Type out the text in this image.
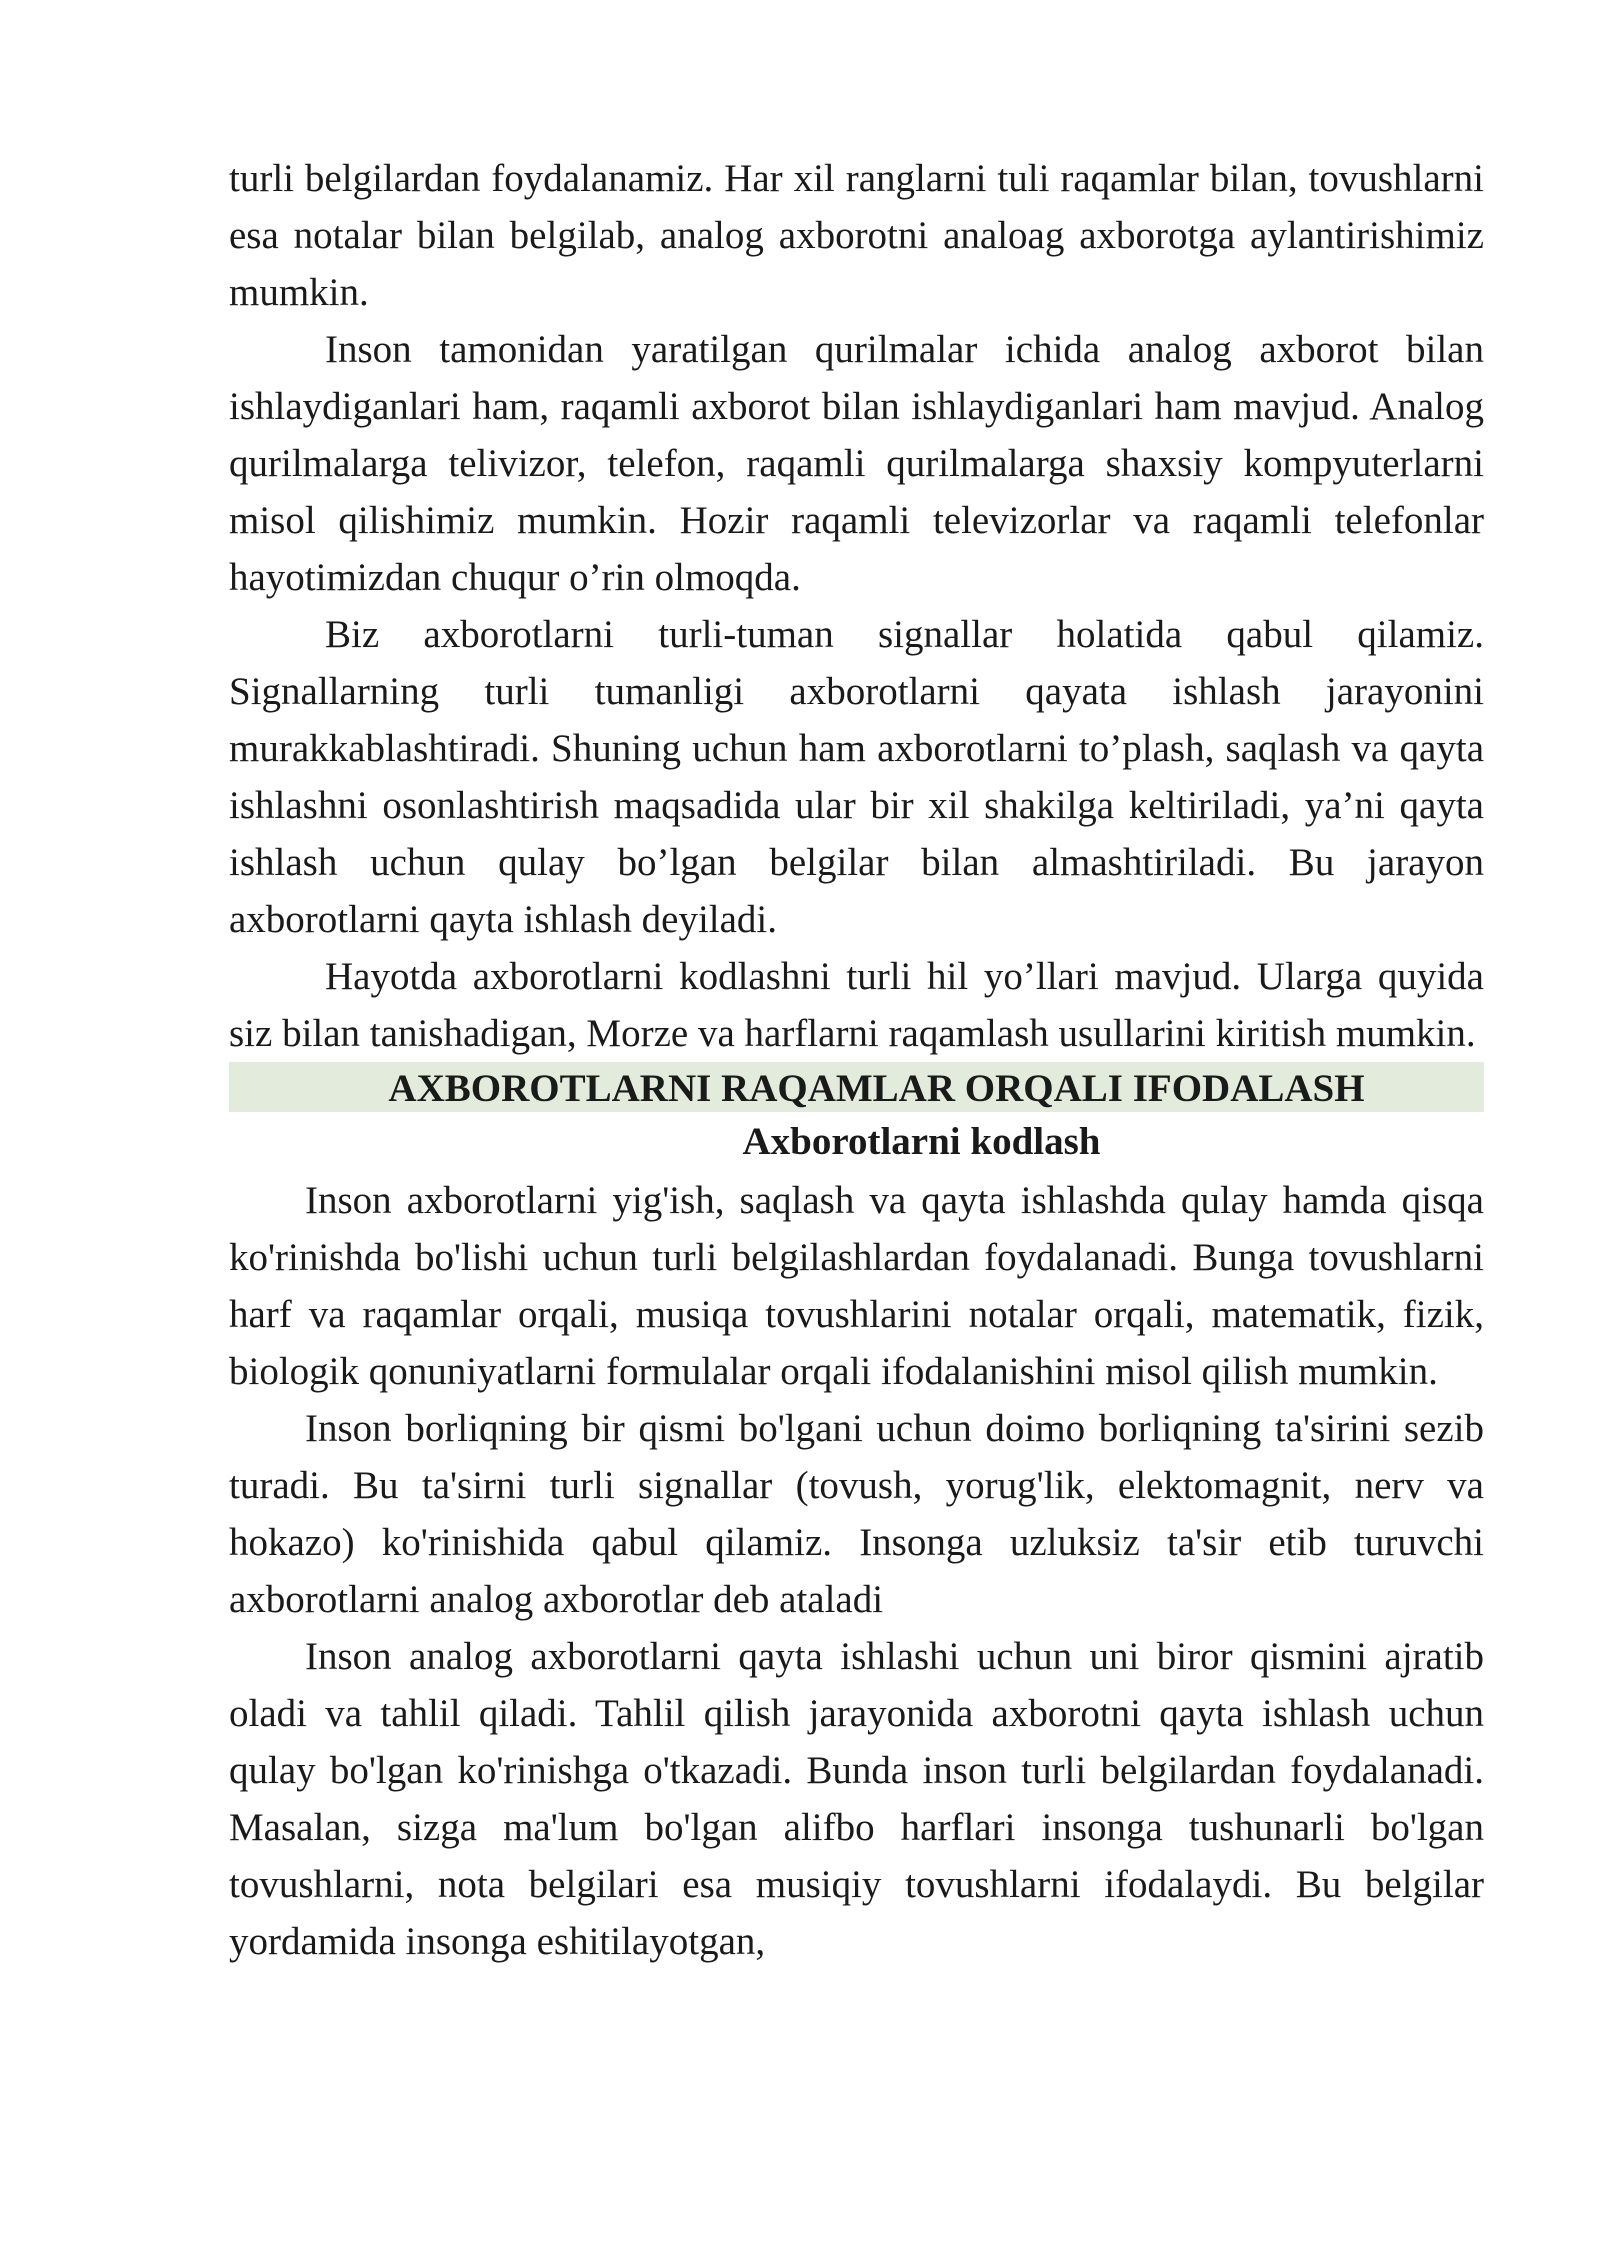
turli belgilardan foydalanamiz. Har xil ranglarni tuli raqamlar bilan, tovushlarni esa notalar bilan belgilab, analog axborotni analoag axborotga aylantirishimiz mumkin.

Inson tamonidan yaratilgan qurilmalar ichida analog axborot bilan ishlaydiganlari ham, raqamli axborot bilan ishlaydiganlari ham mavjud. Analog qurilmalarga telivizor, telefon, raqamli qurilmalarga shaxsiy kompyuterlarni misol qilishimiz mumkin. Hozir raqamli televizorlar va raqamli telefonlar hayotimizdan chuqur o’rin olmoqda.

Biz axborotlarni turli-tuman signallar holatida qabul qilamiz. Signallarning turli tumanligi axborotlarni qayata ishlash jarayonini murakkablashtiradi. Shuning uchun ham axborotlarni to’plash, saqlash va qayta ishlashni osonlashtirish maqsadida ular bir xil shakilga keltiriladi, ya’ni qayta ishlash uchun qulay bo’lgan belgilar bilan almashtiriladi. Bu jarayon axborotlarni qayta ishlash deyiladi.

Hayotda axborotlarni kodlashni turli hil yo’llari mavjud. Ularga quyida siz bilan tanishadigan, Morze va harflarni raqamlash usullarini kiritish mumkin.

AXBOROTLARNI RAQAMLAR ORQALI IFODALASH
Axborotlarni kodlash

Inson axborotlarni yig'ish, saqlash va qayta ishlashda qulay hamda qisqa ko'rinishda bo'lishi uchun turli belgilashlardan foydalanadi. Bunga tovushlarni harf va raqamlar orqali, musiqa tovushlarini notalar orqali, matematik, fizik, biologik qonuniyatlarni formulalar orqali ifodalanishini misol qilish mumkin.

Inson borliqning bir qismi bo'lgani uchun doimo borliqning ta'sirini sezib turadi. Bu ta'sirni turli signallar (tovush, yorug'lik, elektomagnit, nerv va hokazo) ko'rinishida qabul qilamiz. Insonga uzluksiz ta'sir etib turuvchi axborotlarni analog axborotlar deb ataladi

Inson analog axborotlarni qayta ishlashi uchun uni biror qismini ajratib oladi va tahlil qiladi. Tahlil qilish jarayonida axborotni qayta ishlash uchun qulay bo'lgan ko'rinishga o'tkazadi. Bunda inson turli belgilardan foydalanadi. Masalan, sizga ma'lum bo'lgan alifbo harflari insonga tushunarli bo'lgan tovushlarni, nota belgilari esa musiqiy tovushlarni ifodalaydi. Bu belgilar yordamida insonga eshitilayotgan,
